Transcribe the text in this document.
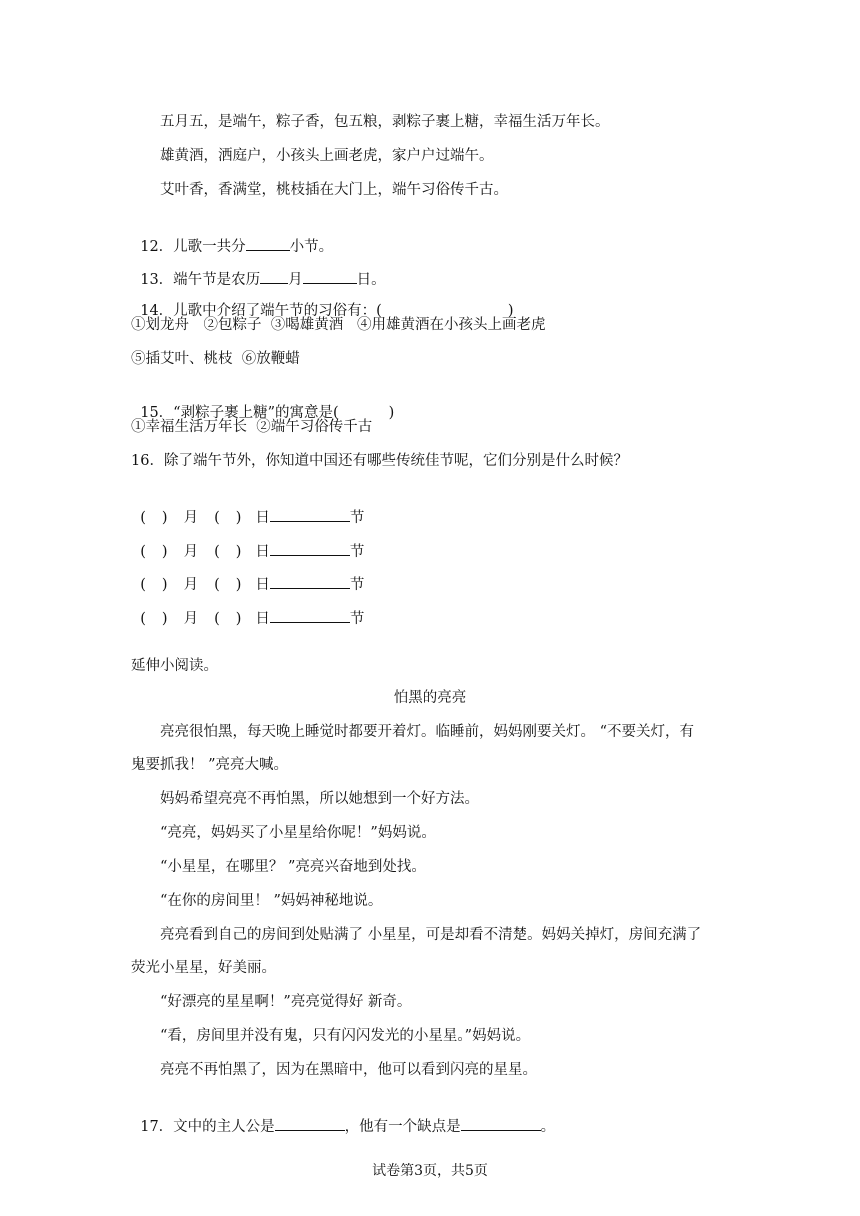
五月五，是端午，粽子香，包五粮，剥粽子裹上糖，幸福生活万年长。
雄黄酒，洒庭户，小孩头上画老虎，家户户过端午。
艾叶香，香满堂，桃枝插在大门上，端午习俗传千古。

12．儿歌一共分	小节。

13．端午节是农历 月	日。

14．儿歌中介绍了端午节的习俗有：(	)

①划龙舟　②包粽子  ③喝雄黄酒   ④用雄黄酒在小孩头上画老虎
⑤插艾叶、桃枝  ⑥放鞭蜡

15．“剥粽子裹上糖”的寓意是(	)

①幸福生活万年长  ②端午习俗传千古
16．除了端午节外，你知道中国还有哪些传统佳节呢，它们分别是什么时候？

( ) 月 ( ) 日	节

( ) 月 ( ) 日	节

( ) 月 ( ) 日	节

( ) 月 ( ) 日	节

延伸小阅读。
怕黑的亮亮
亮亮很怕黑，每天晚上睡觉时都要开着灯。临睡前，妈妈刚要关灯。 “不要关灯，有
鬼要抓我！ ”亮亮大喊。
妈妈希望亮亮不再怕黑，所以她想到一个好方法。
“亮亮，妈妈买了小星星给你呢！”妈妈说。
“小星星，在哪里？ ”亮亮兴奋地到处找。
“在你的房间里！ ”妈妈神秘地说。
亮亮看到自己的房间到处贴满了 小星星，可是却看不清楚。妈妈关掉灯，房间充满了
荧光小星星，好美丽。
“好漂亮的星星啊！”亮亮觉得好 新奇。
“看，房间里并没有鬼，只有闪闪发光的小星星。”妈妈说。
亮亮不再怕黑了，因为在黑暗中，他可以看到闪亮的星星。

17．文中的主人公是	，他有一个缺点是	。

试卷第3页，共5页
